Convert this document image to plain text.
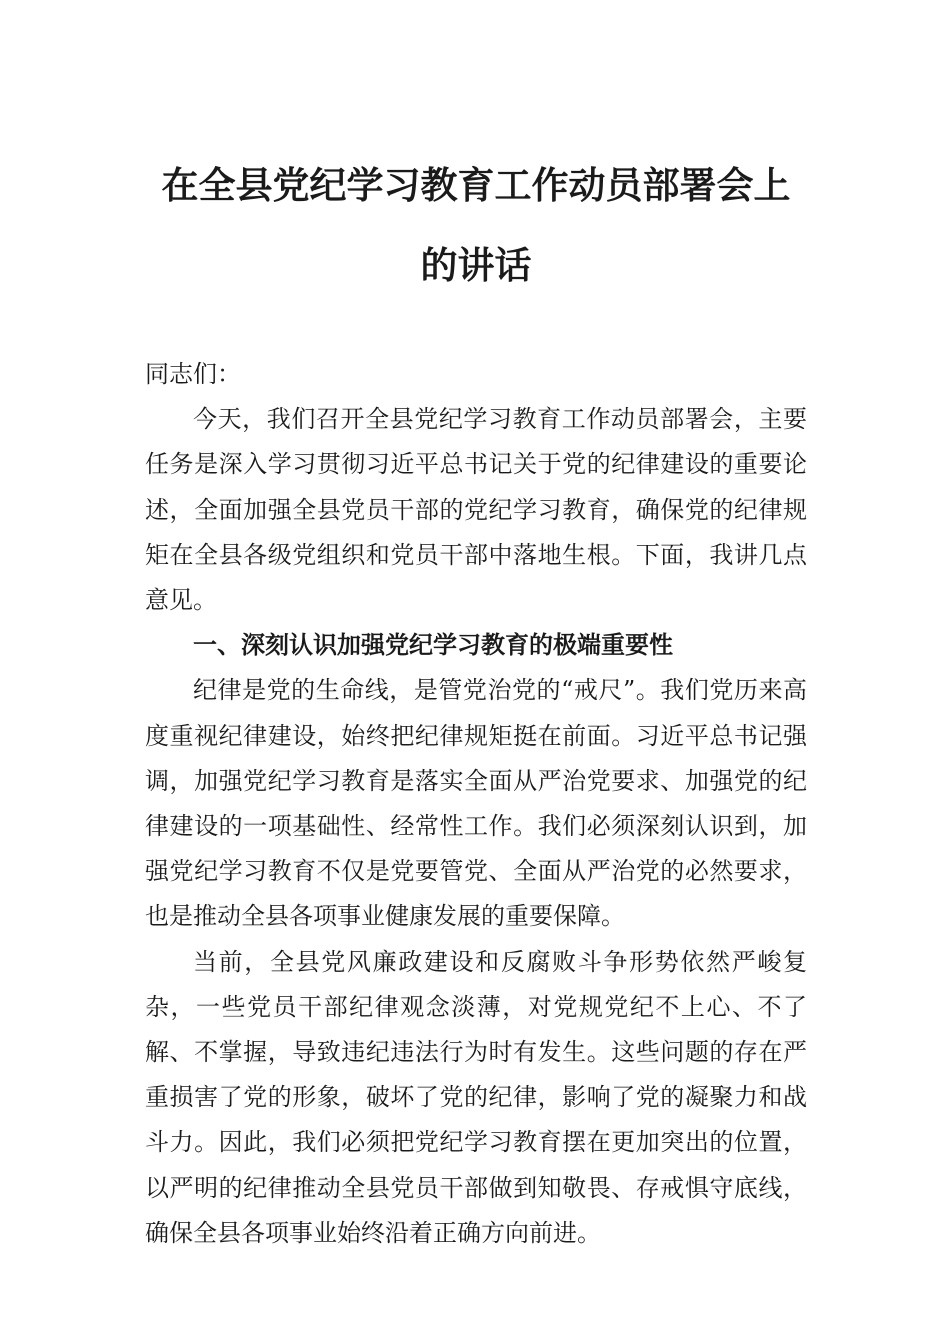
在全县党纪学习教育工作动员部署会上的讲话

同志们：

今天，我们召开全县党纪学习教育工作动员部署会，主要任务是深入学习贯彻习近平总书记关于党的纪律建设的重要论述，全面加强全县党员干部的党纪学习教育，确保党的纪律规矩在全县各级党组织和党员干部中落地生根。下面，我讲几点意见。

一、深刻认识加强党纪学习教育的极端重要性

纪律是党的生命线，是管党治党的“戒尺”。我们党历来高度重视纪律建设，始终把纪律规矩挺在前面。习近平总书记强调，加强党纪学习教育是落实全面从严治党要求、加强党的纪律建设的一项基础性、经常性工作。我们必须深刻认识到，加强党纪学习教育不仅是党要管党、全面从严治党的必然要求，也是推动全县各项事业健康发展的重要保障。

当前，全县党风廉政建设和反腐败斗争形势依然严峻复杂，一些党员干部纪律观念淡薄，对党规党纪不上心、不了解、不掌握，导致违纪违法行为时有发生。这些问题的存在严重损害了党的形象，破坏了党的纪律，影响了党的凝聚力和战斗力。因此，我们必须把党纪学习教育摆在更加突出的位置，以严明的纪律推动全县党员干部做到知敬畏、存戒惧守底线，确保全县各项事业始终沿着正确方向前进。
